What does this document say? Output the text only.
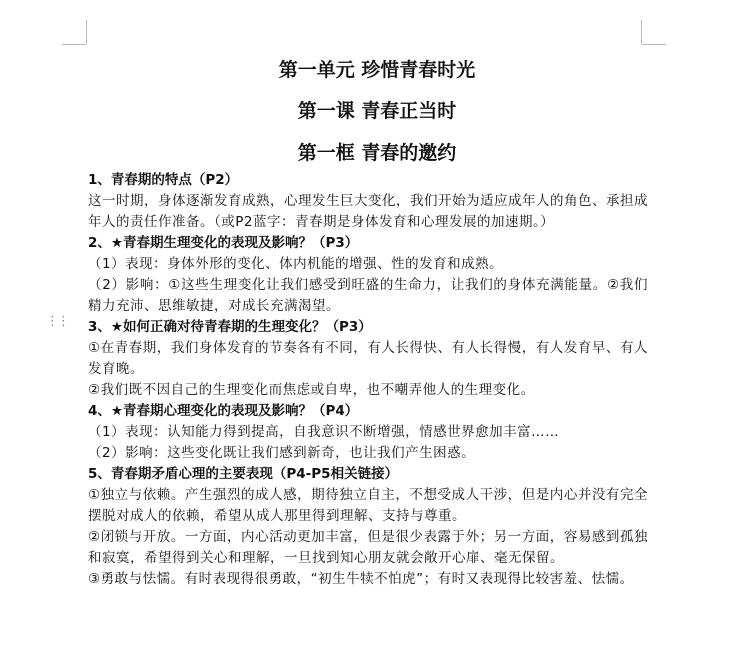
⋮⋮
第一单元 珍惜青春时光
第一课 青春正当时
第一框 青春的邀约

1、青春期的特点（P2）

这一时期，身体逐渐发育成熟，心理发生巨大变化，我们开始为适应成年人的角色、承担成年人的责任作准备。（或P2蓝字：青春期是身体发育和心理发展的加速期。）

2、★青春期生理变化的表现及影响？（P3）

（1）表现：身体外形的变化、体内机能的增强、性的发育和成熟。

（2）影响：①这些生理变化让我们感受到旺盛的生命力，让我们的身体充满能量。②我们精力充沛、思维敏捷，对成长充满渴望。

3、★如何正确对待青春期的生理变化？（P3）

①在青春期，我们身体发育的节奏各有不同，有人长得快、有人长得慢，有人发育早、有人发育晚。

②我们既不因自己的生理变化而焦虑或自卑，也不嘲弄他人的生理变化。

4、★青春期心理变化的表现及影响？（P4）

（1）表现：认知能力得到提高，自我意识不断增强，情感世界愈加丰富……

（2）影响：这些变化既让我们感到新奇，也让我们产生困惑。

5、青春期矛盾心理的主要表现（P4-P5相关链接）

①独立与依赖。产生强烈的成人感，期待独立自主，不想受成人干涉，但是内心并没有完全摆脱对成人的依赖，希望从成人那里得到理解、支持与尊重。

②闭锁与开放。一方面，内心活动更加丰富，但是很少表露于外；另一方面，容易感到孤独和寂寞，希望得到关心和理解，一旦找到知心朋友就会敞开心扉、毫无保留。

③勇敢与怯懦。有时表现得很勇敢，“初生牛犊不怕虎”；有时又表现得比较害羞、怯懦。
